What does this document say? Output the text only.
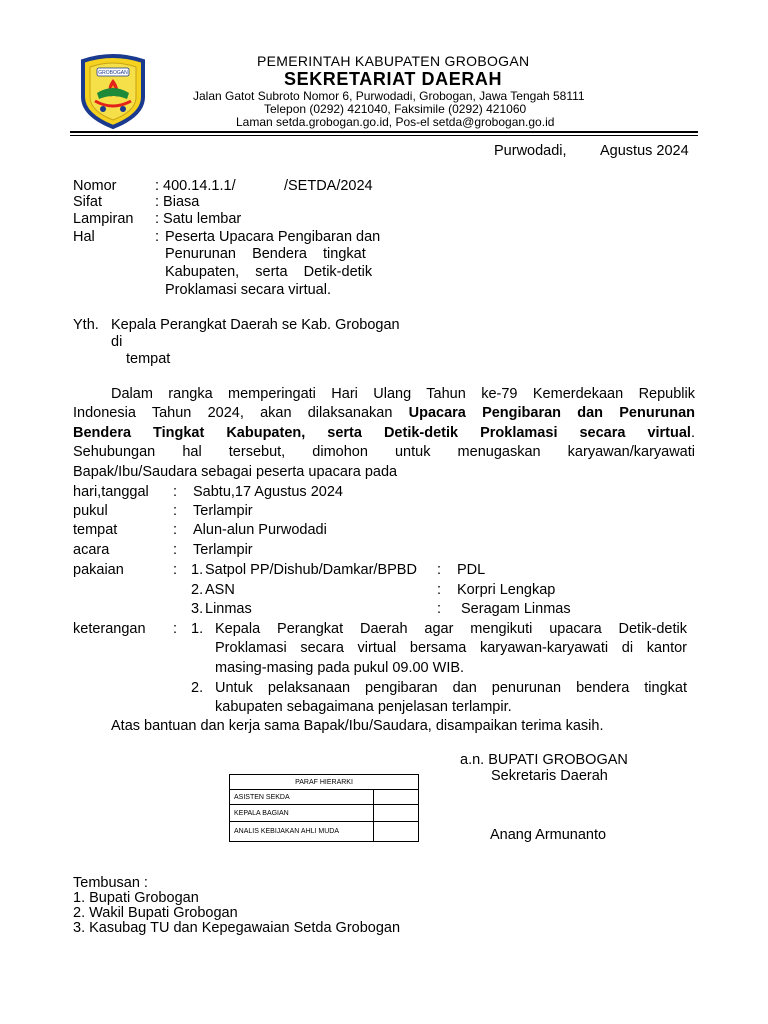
GROBOGAN
PEMERINTAH KABUPATEN GROBOGAN
SEKRETARIAT DAERAH
Jalan Gatot Subroto Nomor 6, Purwodadi, Grobogan, Jawa Tengah 58111
Telepon (0292) 421040, Faksimile (0292) 421060
Laman setda.grobogan.go.id, Pos-el setda@grobogan.go.id
Purwodadi, Agustus 2024
Nomor	: 400.14.1.1/            /SETDA/2024
Sifat	: Biasa
Lampiran : Satu lembar
Hal	: Peserta Upacara Pengibaran dan
Penurunan    Bendera    tingkat
Kabupaten,    serta    Detik-detik
Proklamasi secara virtual.
Yth. Kepala Perangkat Daerah se Kab. Grobogan
di
tempat
Dalam rangka memperingati Hari Ulang Tahun ke-79 Kemerdekaan Republik
Indonesia Tahun 2024, akan dilaksanakan Upacara Pengibaran dan Penurunan
Bendera Tingkat Kabupaten, serta Detik-detik Proklamasi secara virtual.
Sehubungan hal tersebut, dimohon untuk menugaskan karyawan/karyawati
Bapak/Ibu/Saudara sebagai peserta upacara pada
hari,tanggal : Sabtu,17 Agustus 2024
pukul	: Terlampir
tempat	: Alun-alun Purwodadi
acara	: Terlampir
pakaian	: 1. Satpol PP/Dishub/Damkar/BPBD : PDL
2. ASN	: Korpri Lengkap
3. Linmas	: Seragam Linmas
keterangan : 1. Kepala Perangkat Daerah agar mengikuti upacara Detik-detik
Proklamasi secara virtual bersama karyawan-karyawati di kantor
masing-masing pada pukul 09.00 WIB.
2. Untuk pelaksanaan pengibaran dan penurunan bendera tingkat
kabupaten sebagaimana penjelasan terlampir.
Atas bantuan dan kerja sama Bapak/Ibu/Saudara, disampaikan terima kasih.
a.n. BUPATI GROBOGAN
Sekretaris Daerah
Anang Armunanto
PARAF HIERARKI	
ASISTEN SEKDA	
KEPALA BAGIAN	
ANALIS KEBIJAKAN AHLI MUDA	
Tembusan :
1. Bupati Grobogan
2. Wakil Bupati Grobogan
3. Kasubag TU dan Kepegawaian Setda Grobogan
